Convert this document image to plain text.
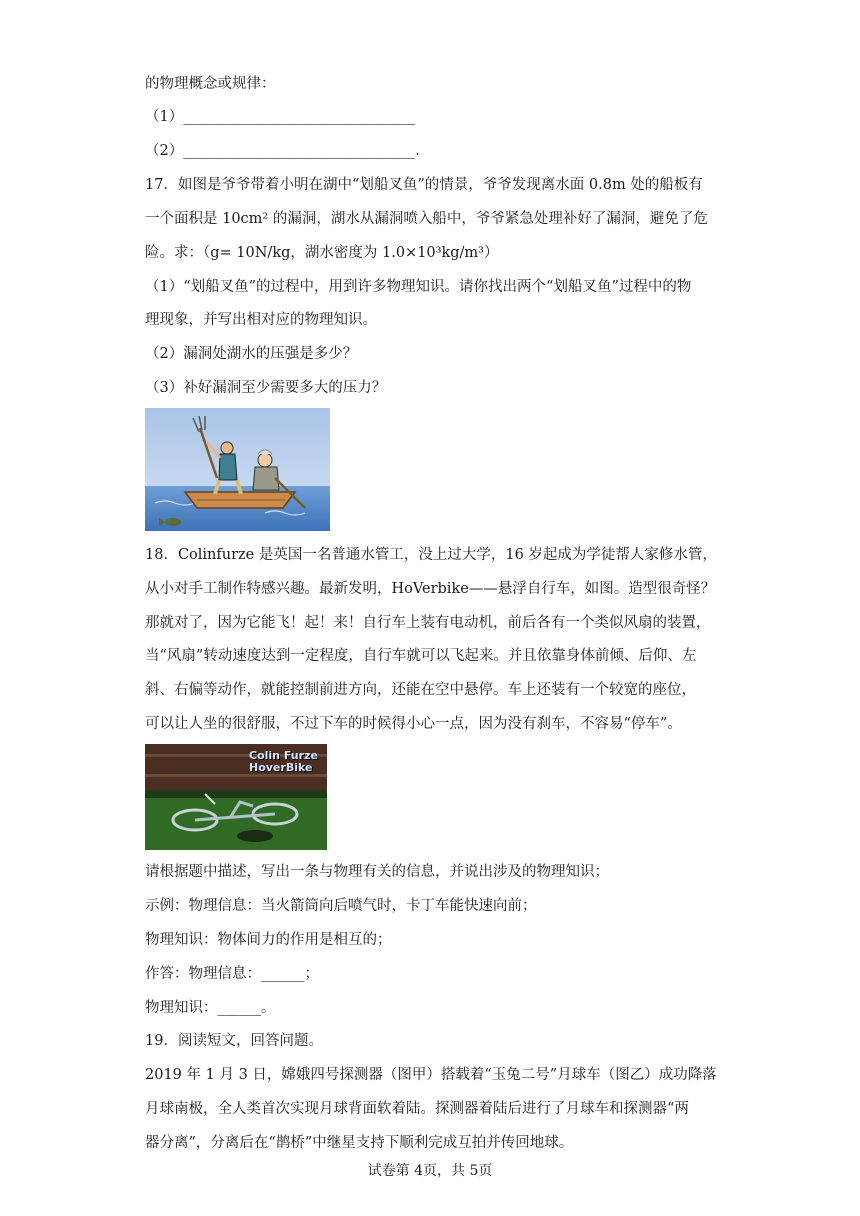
的物理概念或规律：
（1）________________________________
（2）________________________________．
17．如图是爷爷带着小明在湖中“划船叉鱼”的情景，爷爷发现离水面 0.8m 处的船板有
一个面积是 10cm² 的漏洞，湖水从漏洞喷入船中，爷爷紧急处理补好了漏洞，避免了危
险。求：（g= 10N/kg，湖水密度为 1.0×10³kg/m³）
（1）“划船叉鱼”的过程中，用到许多物理知识。请你找出两个“划船叉鱼”过程中的物
理现象，并写出相对应的物理知识。
（2）漏洞处湖水的压强是多少？
（3）补好漏洞至少需要多大的压力？
18．Colinfurze 是英国一名普通水管工，没上过大学，16 岁起成为学徒帮人家修水管，
从小对手工制作特感兴趣。最新发明，HoVerbike——悬浮自行车，如图。造型很奇怪？
那就对了，因为它能飞！起！来！自行车上装有电动机，前后各有一个类似风扇的装置，
当“风扇”转动速度达到一定程度，自行车就可以飞起来。并且依靠身体前倾、后仰、左
斜、右偏等动作，就能控制前进方向，还能在空中悬停。车上还装有一个较宽的座位，
可以让人坐的很舒服，不过下车的时候得小心一点，因为没有刹车，不容易“停车”。
Colin Furze
HoverBike
请根据题中描述，写出一条与物理有关的信息，并说出涉及的物理知识；
示例：物理信息：当火箭筒向后喷气时，卡丁车能快速向前；
物理知识：物体间力的作用是相互的；
作答：物理信息：______；
物理知识：______。
19．阅读短文，回答问题。
2019 年 1 月 3 日，嫦娥四号探测器（图甲）搭载着“玉兔二号”月球车（图乙）成功降落
月球南极，全人类首次实现月球背面软着陆。探测器着陆后进行了月球车和探测器“两
器分离”，分离后在“鹊桥”中继星支持下顺利完成互拍并传回地球。
试卷第 4页，共 5页
